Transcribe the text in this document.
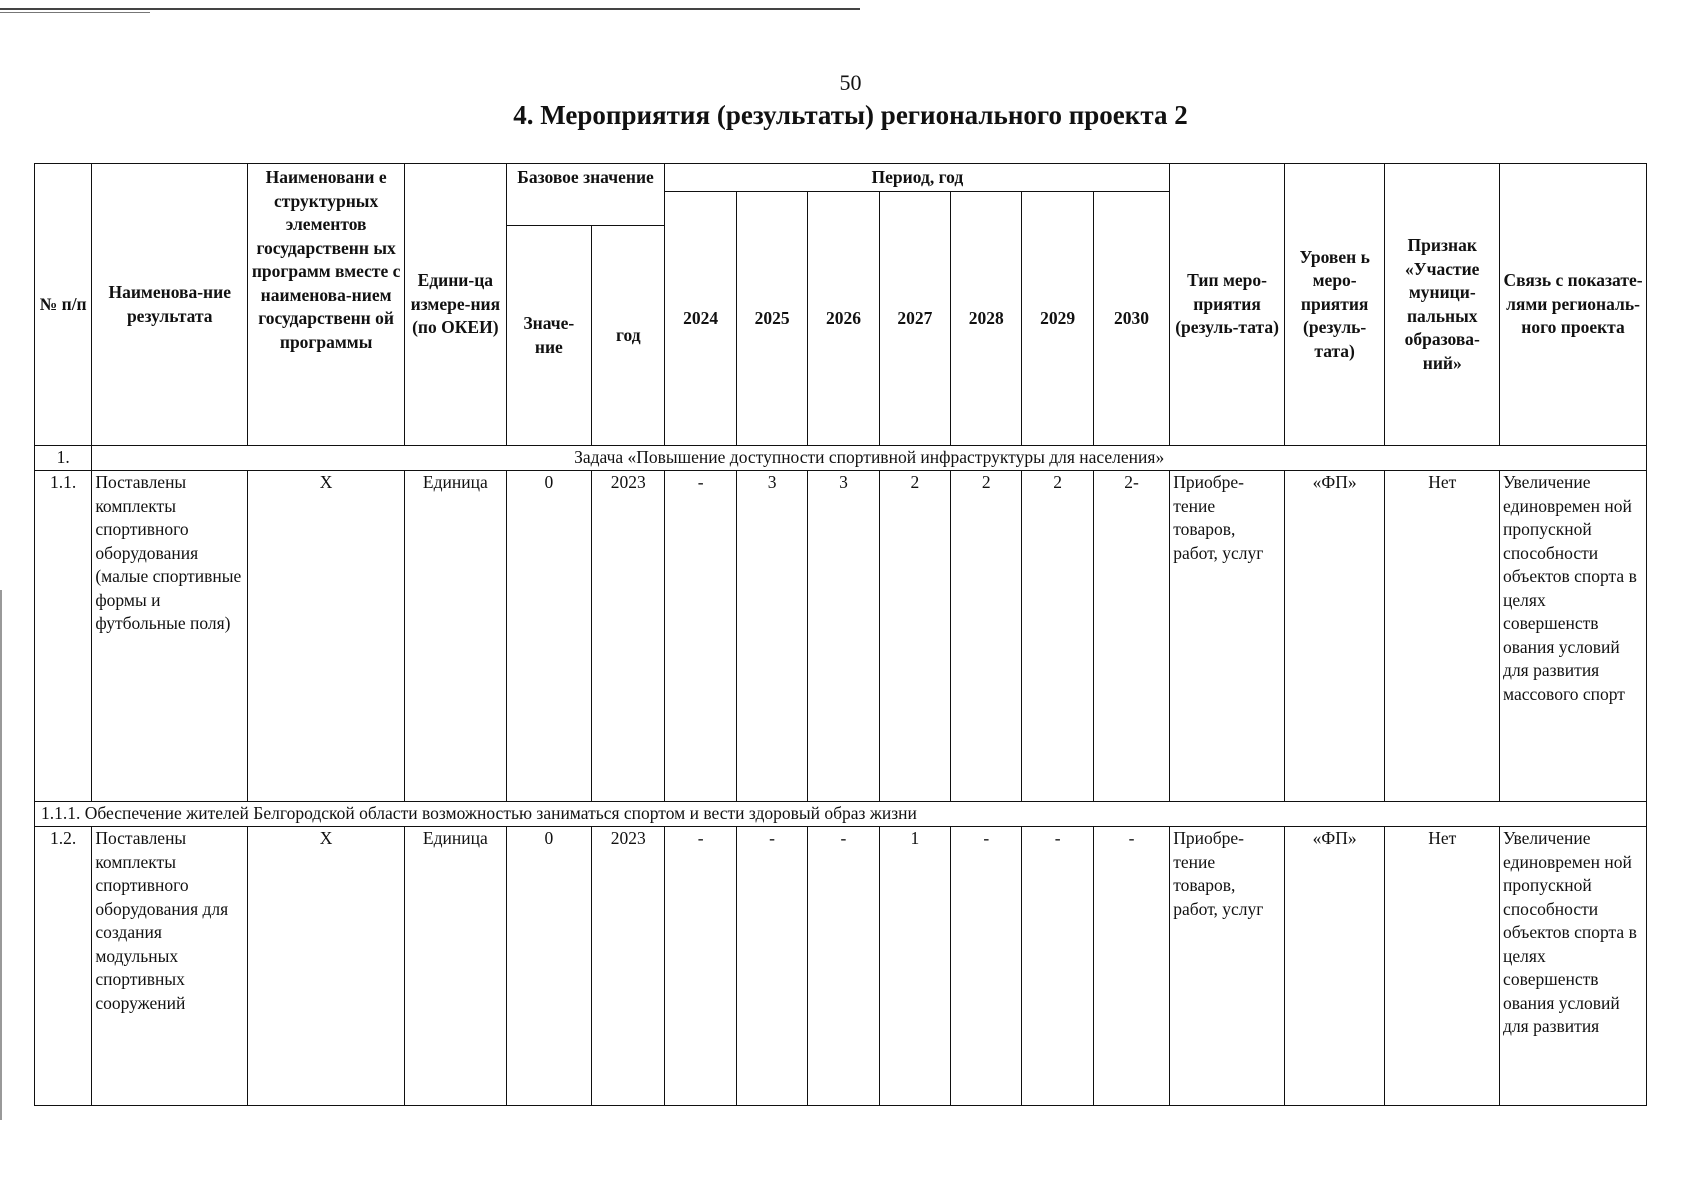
50
4. Мероприятия (результаты) регионального проекта 2
№ п/п	Наименова-ние результата	Наименовани е структурных элементов государственн ых программ вместе с наименова-нием государственн ой программы	Едини-ца измере-ния (по ОКЕИ)	Базовое значение		Период, год							Тип меро-приятия (резуль-тата)	Уровен ь меро-приятия (резуль-тата)	Признак «Участие муници-пальных образова-ний»	Связь с показате-лями региональ-ного проекта
						2024	2025	2026	2027	2028	2029	2030				
				Значе-ние	год											
1.	Задача «Повышение доступности спортивной инфраструктуры для населения»															
1.1.	Поставлены комплекты спортивного оборудования (малые спортивные формы и футбольные поля)	X	Единица	0	2023	-	3	3	2	2	2	2-	Приобре-тение товаров, работ, услуг	«ФП»	Нет	Увеличение единовремен ной пропускной способности объектов спорта в целях совершенств ования условий для развития массового спорт
1.1.1. Обеспечение жителей Белгородской области возможностью заниматься спортом и вести здоровый образ жизни																
1.2.	Поставлены комплекты спортивного оборудования для создания модульных спортивных сооружений	X	Единица	0	2023	-	-	-	1	-	-	-	Приобре-тение товаров, работ, услуг	«ФП»	Нет	Увеличение единовремен ной пропускной способности объектов спорта в целях совершенств ования условий для развития
